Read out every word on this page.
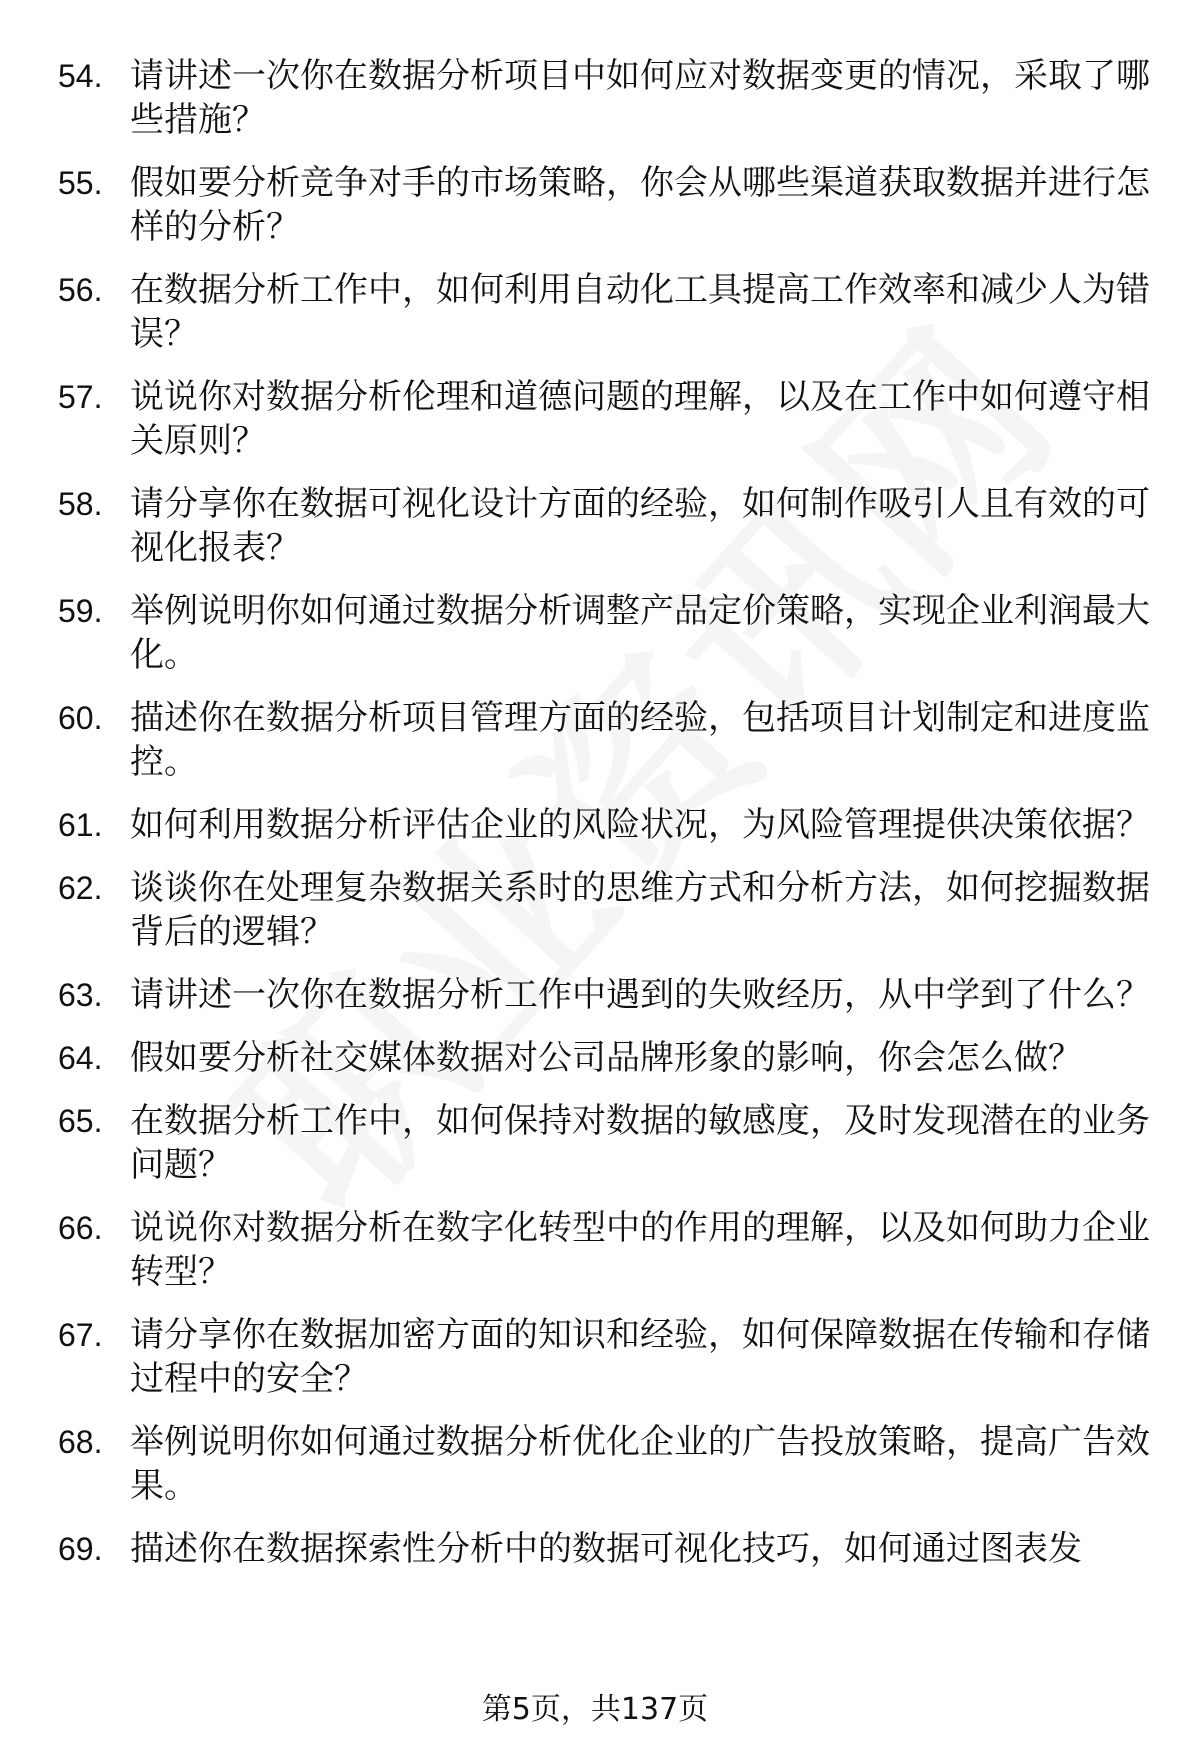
54. 请讲述一次你在数据分析项目中如何应对数据变更的情况，采取了哪些措施？
55. 假如要分析竞争对手的市场策略，你会从哪些渠道获取数据并进行怎样的分析？
56. 在数据分析工作中，如何利用自动化工具提高工作效率和减少人为错误？
57. 说说你对数据分析伦理和道德问题的理解，以及在工作中如何遵守相关原则？
58. 请分享你在数据可视化设计方面的经验，如何制作吸引人且有效的可视化报表？
59. 举例说明你如何通过数据分析调整产品定价策略，实现企业利润最大化。
60. 描述你在数据分析项目管理方面的经验，包括项目计划制定和进度监控。
61. 如何利用数据分析评估企业的风险状况，为风险管理提供决策依据？
62. 谈谈你在处理复杂数据关系时的思维方式和分析方法，如何挖掘数据背后的逻辑？
63. 请讲述一次你在数据分析工作中遇到的失败经历，从中学到了什么？
64. 假如要分析社交媒体数据对公司品牌形象的影响，你会怎么做？
65. 在数据分析工作中，如何保持对数据的敏感度，及时发现潜在的业务问题？
66. 说说你对数据分析在数字化转型中的作用的理解，以及如何助力企业转型？
67. 请分享你在数据加密方面的知识和经验，如何保障数据在传输和存储过程中的安全？
68. 举例说明你如何通过数据分析优化企业的广告投放策略，提高广告效果。
69. 描述你在数据探索性分析中的数据可视化技巧，如何通过图表发
第5页，共137页
